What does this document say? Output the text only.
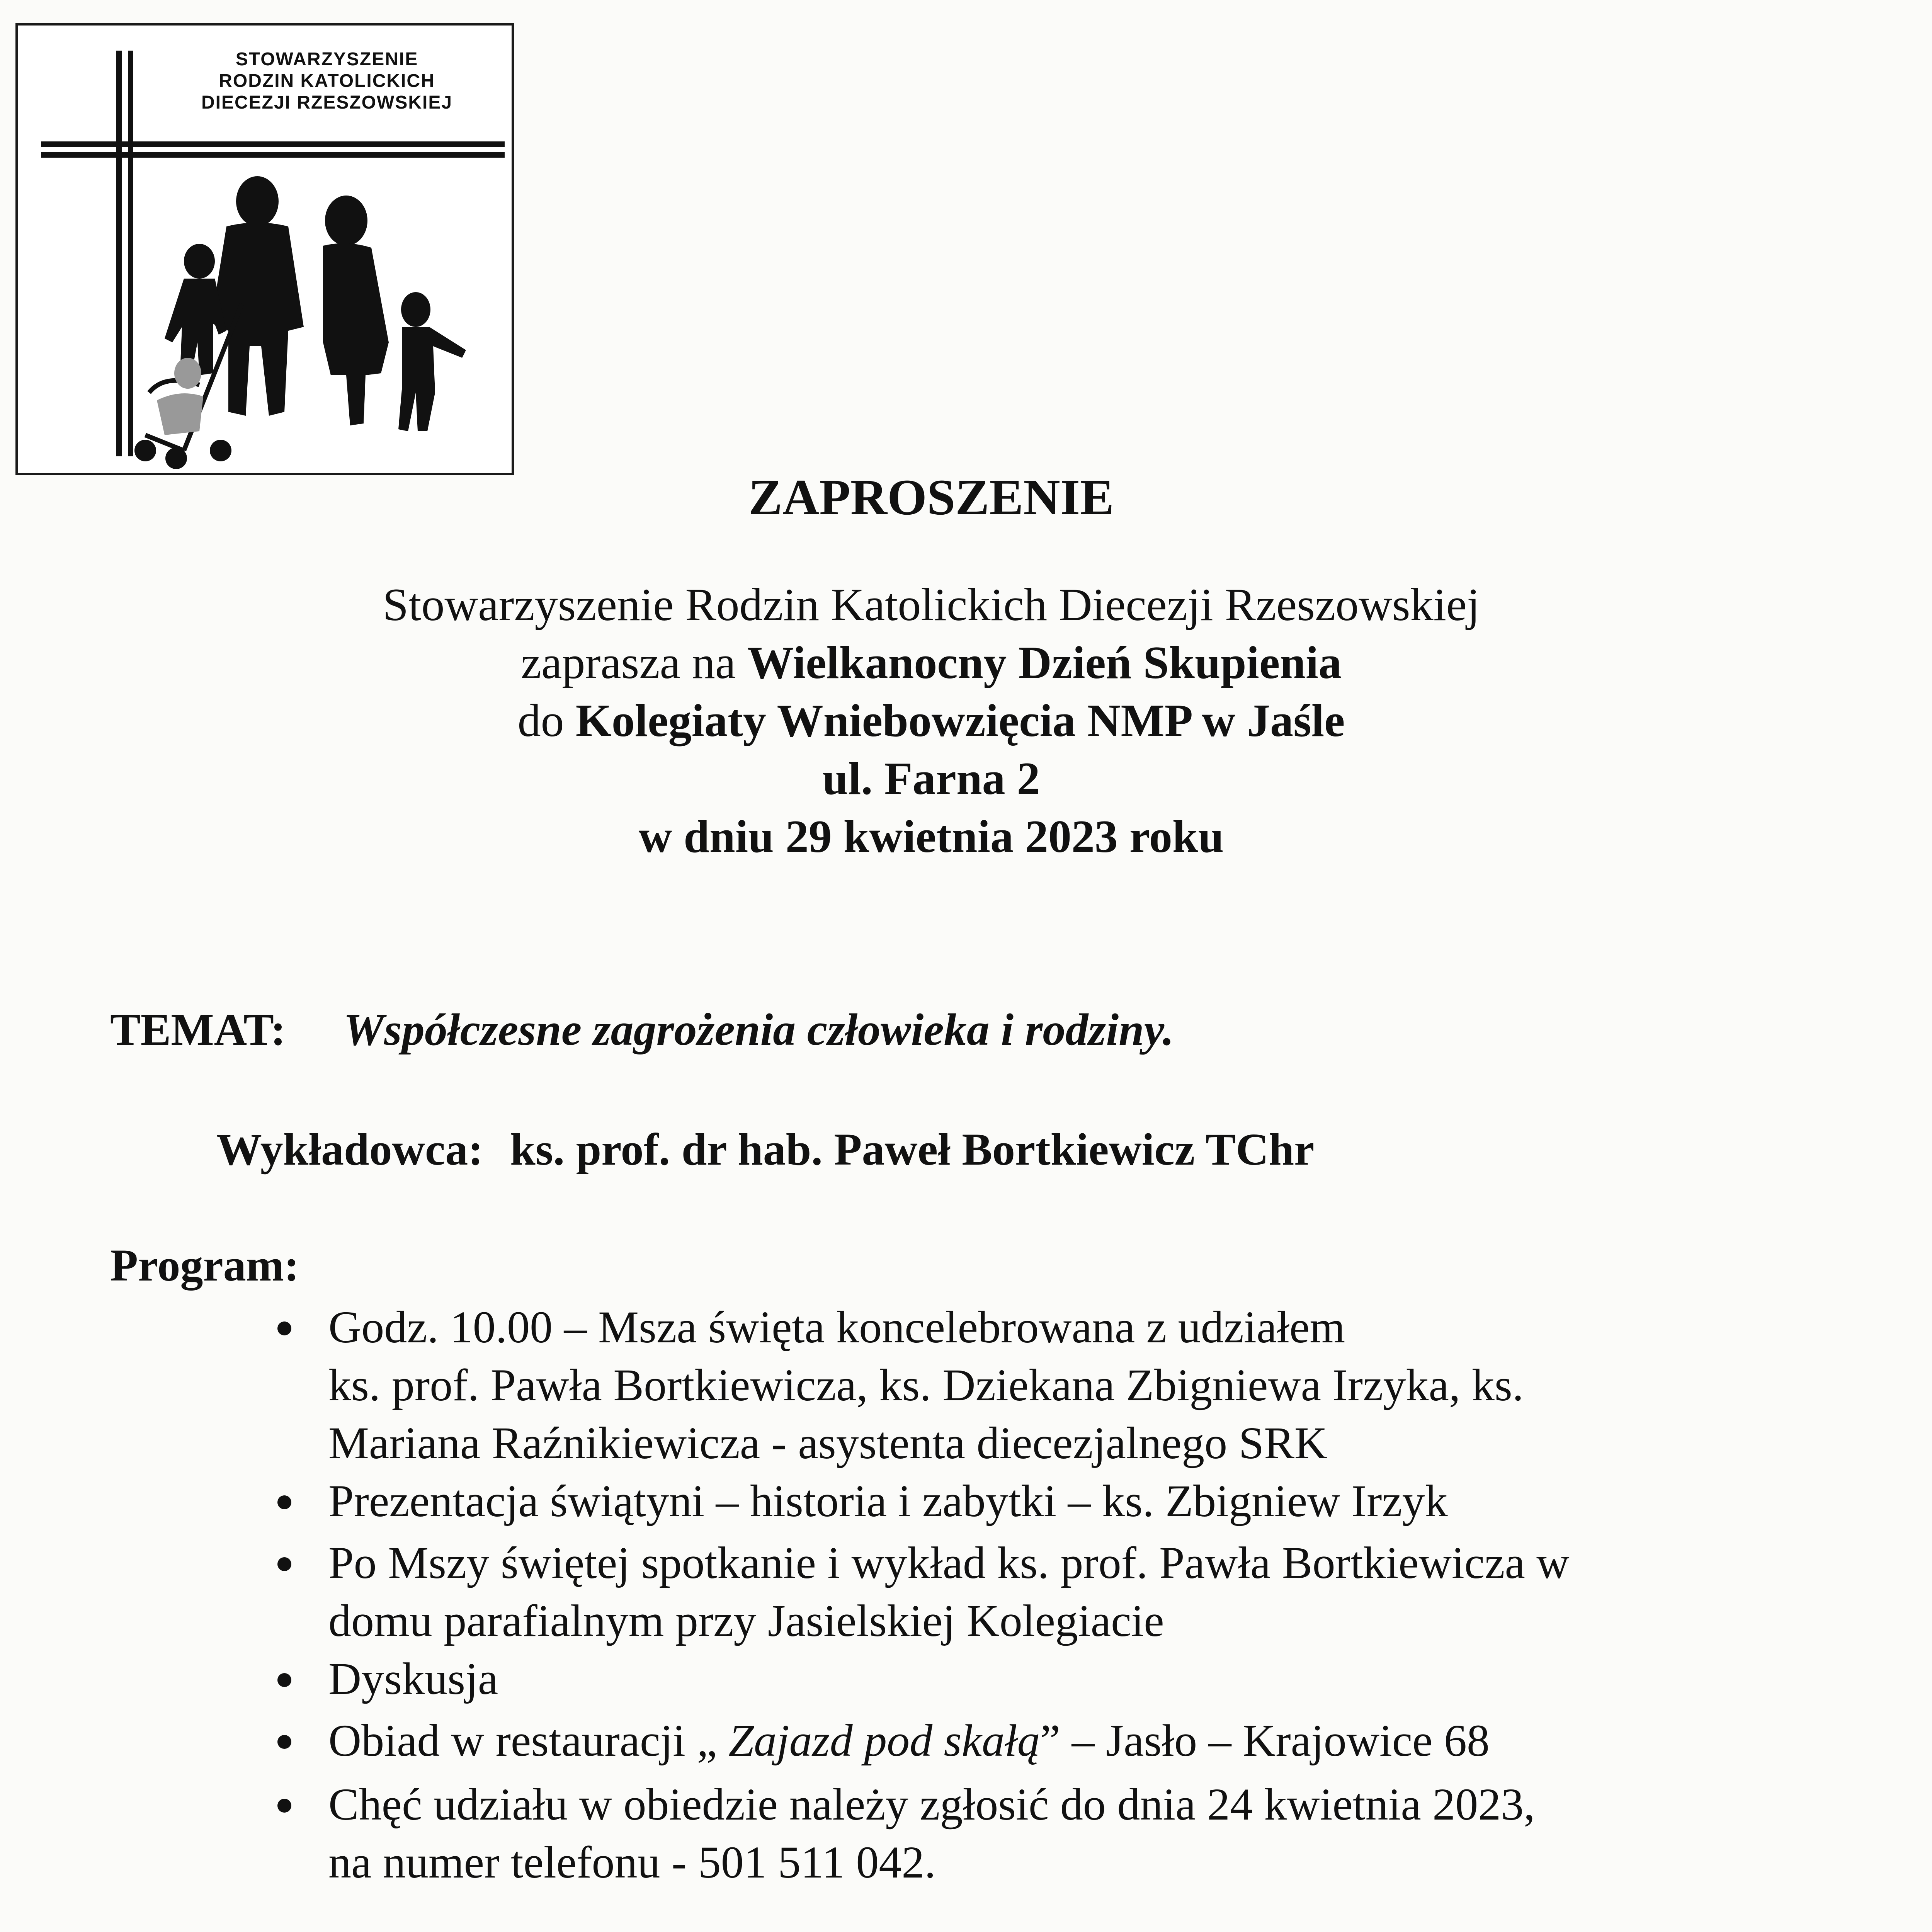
STOWARZYSZENIE
RODZIN KATOLICKICH
DIECEZJI RZESZOWSKIEJ
ZAPROSZENIE
Stowarzyszenie Rodzin Katolickich Diecezji Rzeszowskiej
zaprasza na Wielkanocny Dzień Skupienia
do Kolegiaty Wniebowzięcia NMP w Jaśle
ul. Farna 2
w dniu 29 kwietnia 2023 roku
TEMAT: Współczesne zagrożenia człowieka i rodziny.
Wykładowca: ks. prof. dr hab. Paweł Bortkiewicz TChr
Program:
Godz. 10.00 – Msza święta koncelebrowana z udziałem
ks. prof. Pawła Bortkiewicza, ks. Dziekana Zbigniewa Irzyka, ks.
Mariana Raźnikiewicza - asystenta diecezjalnego SRK
Prezentacja świątyni – historia i zabytki – ks. Zbigniew Irzyk
Po Mszy świętej spotkanie i wykład ks. prof. Pawła Bortkiewicza w
domu parafialnym przy Jasielskiej Kolegiacie
Dyskusja
Obiad w restauracji „ Zajazd pod skałą” – Jasło – Krajowice 68
Chęć udziału w obiedzie należy zgłosić do dnia 24 kwietnia 2023,
na numer telefonu - 501 511 042.
